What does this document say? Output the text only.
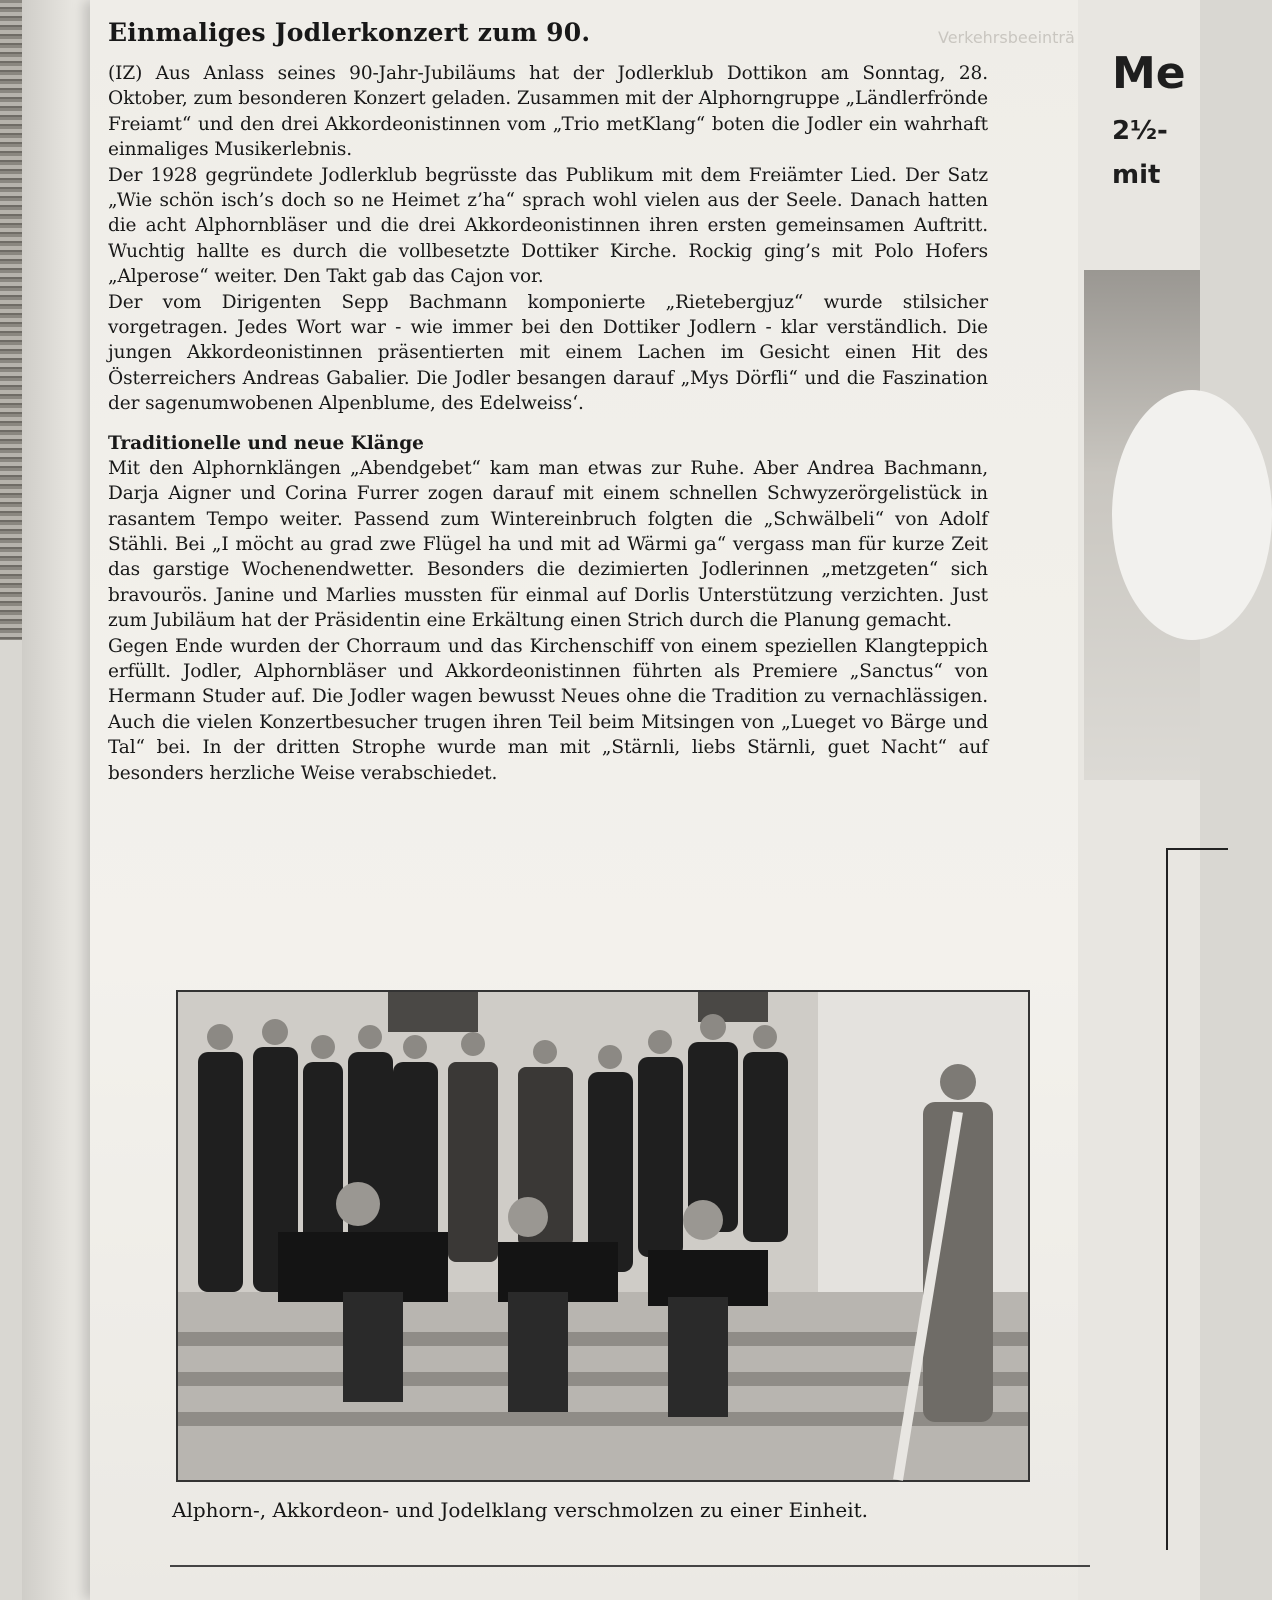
Verkehrsbeeinträ
Me
2½-
mit
Einmaliges Jodlerkonzert zum 90.

(IZ) Aus Anlass seines 90-Jahr-Jubiläums hat der Jodlerklub Dottikon am Sonntag, 28. Oktober, zum besonderen Konzert geladen. Zusammen mit der Alphorngruppe „Ländlerfrönde Freiamt“ und den drei Akkordeonistinnen vom „Trio metKlang“ boten die Jodler ein wahrhaft einmaliges Musikerlebnis.

Der 1928 gegründete Jodlerklub begrüsste das Publikum mit dem Freiämter Lied. Der Satz „Wie schön isch’s doch so ne Heimet z’ha“ sprach wohl vielen aus der Seele. Danach hatten die acht Alphornbläser und die drei Akkordeonistinnen ihren ersten gemeinsamen Auftritt. Wuchtig hallte es durch die vollbesetzte Dottiker Kirche. Rockig ging’s mit Polo Hofers „Alperose“ weiter. Den Takt gab das Cajon vor.

Der vom Dirigenten Sepp Bachmann komponierte „Rietebergjuz“ wurde stilsicher vorgetragen. Jedes Wort war - wie immer bei den Dottiker Jodlern - klar verständlich. Die jungen Akkordeonistinnen präsentierten mit einem Lachen im Gesicht einen Hit des Österreichers Andreas Gabalier. Die Jodler besangen darauf „Mys Dörfli“ und die Faszination der sagenumwobenen Alpenblume, des Edelweiss‘.

Traditionelle und neue Klänge

Mit den Alphornklängen „Abendgebet“ kam man etwas zur Ruhe. Aber Andrea Bachmann, Darja Aigner und Corina Furrer zogen darauf mit einem schnellen Schwyzerörgelistück in rasantem Tempo weiter. Passend zum Wintereinbruch folgten die „Schwälbeli“ von Adolf Stähli. Bei „I möcht au grad zwe Flügel ha und mit ad Wärmi ga“ vergass man für kurze Zeit das garstige Wochenendwetter. Besonders die dezimierten Jodlerinnen „metzgeten“ sich bravourös. Janine und Marlies mussten für einmal auf Dorlis Unterstützung verzichten. Just zum Jubiläum hat der Präsidentin eine Erkältung einen Strich durch die Planung gemacht.

Gegen Ende wurden der Chorraum und das Kirchenschiff von einem speziellen Klangteppich erfüllt. Jodler, Alphornbläser und Akkordeonistinnen führten als Premiere „Sanctus“ von Hermann Studer auf. Die Jodler wagen bewusst Neues ohne die Tradition zu vernachlässigen. Auch die vielen Konzertbesucher trugen ihren Teil beim Mitsingen von „Lueget vo Bärge und Tal“ bei. In der dritten Strophe wurde man mit „Stärnli, liebs Stärnli, guet Nacht“ auf besonders herzliche Weise verabschiedet.

Alphorn-, Akkordeon- und Jodelklang verschmolzen zu einer Einheit.
